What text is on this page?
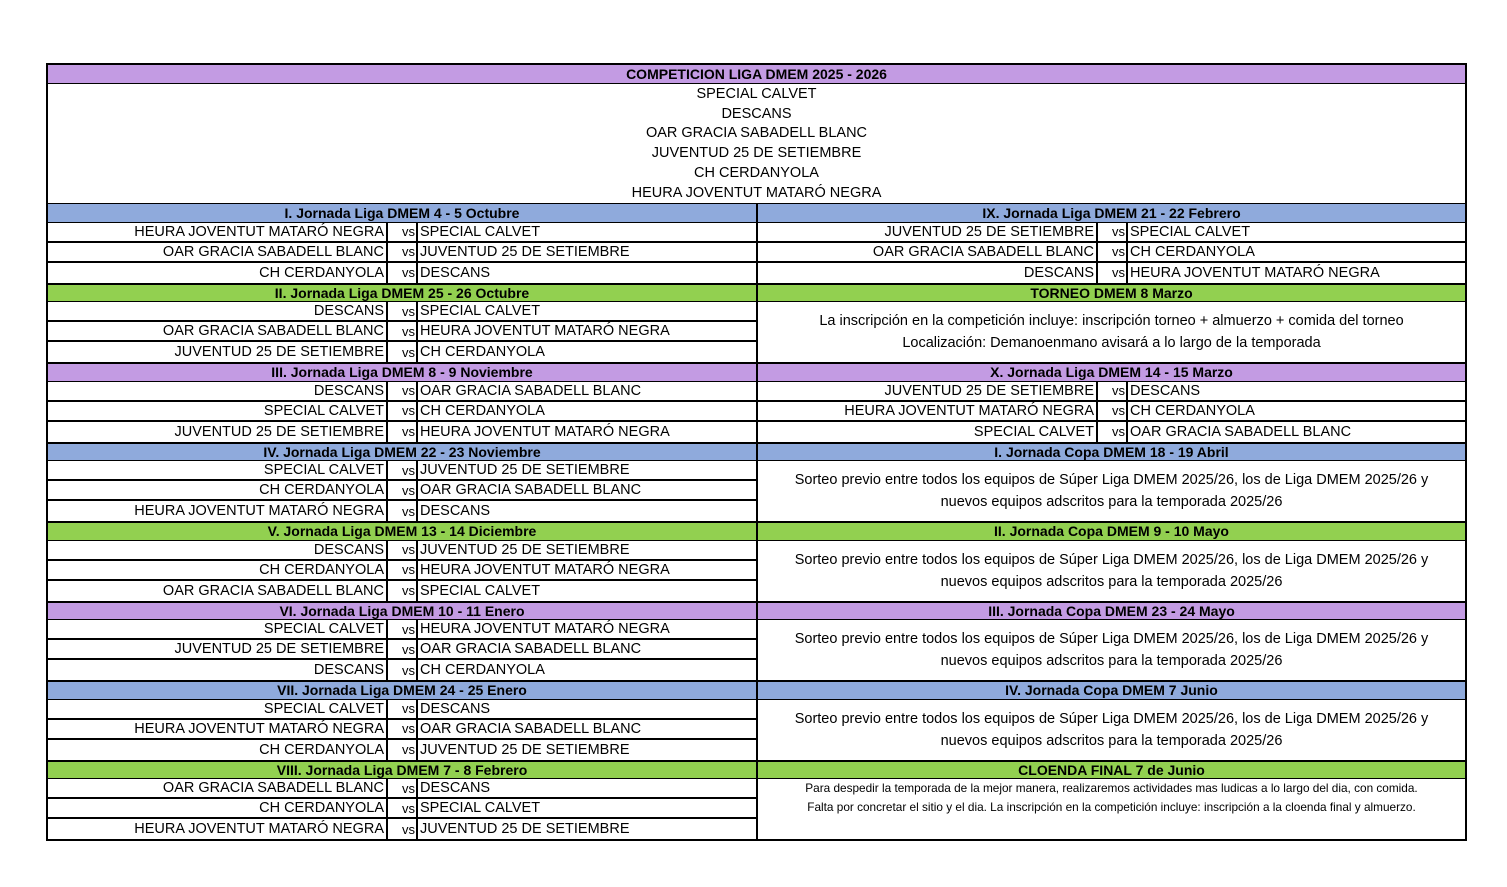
COMPETICION LIGA DMEM 2025 - 2026
SPECIAL CALVET
DESCANS
OAR GRACIA SABADELL BLANC
JUVENTUD 25 DE SETIEMBRE
CH CERDANYOLA
HEURA JOVENTUT MATARÓ NEGRA
I. Jornada Liga DMEM 4 - 5 Octubre
HEURA JOVENTUT MATARÓ NEGRA	vs SPECIAL CALVET
OAR GRACIA SABADELL BLANC	vs JUVENTUD 25 DE SETIEMBRE
CH CERDANYOLA	vs DESCANS
II. Jornada Liga DMEM 25 - 26 Octubre
DESCANS	vs SPECIAL CALVET
OAR GRACIA SABADELL BLANC	vs HEURA JOVENTUT MATARÓ NEGRA
JUVENTUD 25 DE SETIEMBRE	vs CH CERDANYOLA
III. Jornada Liga DMEM 8 - 9 Noviembre
DESCANS	vs OAR GRACIA SABADELL BLANC
SPECIAL CALVET	vs CH CERDANYOLA
JUVENTUD 25 DE SETIEMBRE	vs HEURA JOVENTUT MATARÓ NEGRA
IV. Jornada Liga DMEM 22 - 23 Noviembre
SPECIAL CALVET	vs JUVENTUD 25 DE SETIEMBRE
CH CERDANYOLA	vs OAR GRACIA SABADELL BLANC
HEURA JOVENTUT MATARÓ NEGRA	vs DESCANS
V. Jornada Liga DMEM 13 - 14 Diciembre
DESCANS	vs JUVENTUD 25 DE SETIEMBRE
CH CERDANYOLA	vs HEURA JOVENTUT MATARÓ NEGRA
OAR GRACIA SABADELL BLANC	vs SPECIAL CALVET
VI. Jornada Liga DMEM 10 - 11 Enero
SPECIAL CALVET	vs HEURA JOVENTUT MATARÓ NEGRA
JUVENTUD 25 DE SETIEMBRE	vs OAR GRACIA SABADELL BLANC
DESCANS	vs CH CERDANYOLA
VII. Jornada Liga DMEM 24 - 25 Enero
SPECIAL CALVET	vs DESCANS
HEURA JOVENTUT MATARÓ NEGRA	vs OAR GRACIA SABADELL BLANC
CH CERDANYOLA	vs JUVENTUD 25 DE SETIEMBRE
VIII. Jornada Liga DMEM 7 - 8 Febrero
OAR GRACIA SABADELL BLANC	vs DESCANS
CH CERDANYOLA	vs SPECIAL CALVET
HEURA JOVENTUT MATARÓ NEGRA	vs JUVENTUD 25 DE SETIEMBRE
IX. Jornada Liga DMEM 21 - 22 Febrero
JUVENTUD 25 DE SETIEMBRE	vs SPECIAL CALVET
OAR GRACIA SABADELL BLANC	vs CH CERDANYOLA
DESCANS	vs HEURA JOVENTUT MATARÓ NEGRA
TORNEO DMEM 8 Marzo
La inscripción en la competición incluye: inscripción torneo + almuerzo + comida del torneo
Localización: Demanoenmano avisará a lo largo de la temporada
X. Jornada Liga DMEM 14 - 15 Marzo
JUVENTUD 25 DE SETIEMBRE	vs DESCANS
HEURA JOVENTUT MATARÓ NEGRA	vs CH CERDANYOLA
SPECIAL CALVET	vs OAR GRACIA SABADELL BLANC
I. Jornada Copa DMEM 18 - 19 Abril
Sorteo previo entre todos los equipos de Súper Liga DMEM 2025/26, los de Liga DMEM 2025/26 y
nuevos equipos adscritos para la temporada 2025/26
II. Jornada Copa DMEM 9 - 10 Mayo
Sorteo previo entre todos los equipos de Súper Liga DMEM 2025/26, los de Liga DMEM 2025/26 y
nuevos equipos adscritos para la temporada 2025/26
III. Jornada Copa DMEM 23 - 24 Mayo
Sorteo previo entre todos los equipos de Súper Liga DMEM 2025/26, los de Liga DMEM 2025/26 y
nuevos equipos adscritos para la temporada 2025/26
IV. Jornada Copa DMEM 7 Junio
Sorteo previo entre todos los equipos de Súper Liga DMEM 2025/26, los de Liga DMEM 2025/26 y
nuevos equipos adscritos para la temporada 2025/26
CLOENDA FINAL 7 de Junio
Para despedir la temporada de la mejor manera, realizaremos actividades mas ludicas a lo largo del dia, con comida.
Falta por concretar el sitio y el dia. La inscripción en la competición incluye: inscripción a la cloenda final y almuerzo.
